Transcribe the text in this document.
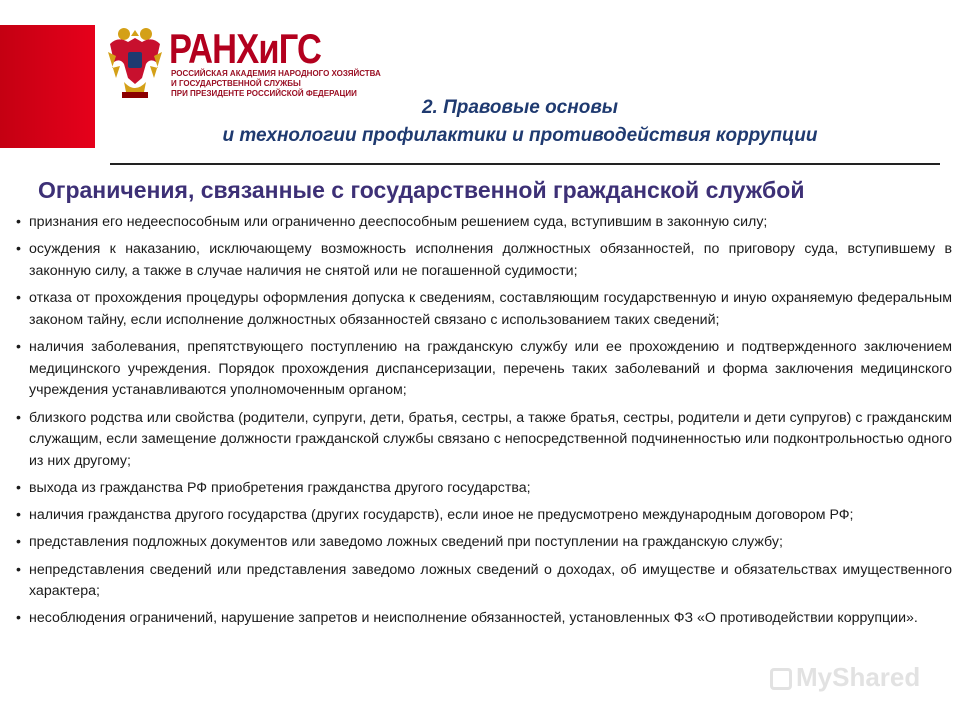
РАНХиГС
РОССИЙСКАЯ АКАДЕМИЯ НАРОДНОГО ХОЗЯЙСТВА
И ГОСУДАРСТВЕННОЙ СЛУЖБЫ
ПРИ ПРЕЗИДЕНТЕ РОССИЙСКОЙ ФЕДЕРАЦИИ
2. Правовые основы
и технологии профилактики и противодействия коррупции
Ограничения, связанные с государственной гражданской службой
• признания его недееспособным или ограниченно дееспособным решением суда, вступившим в законную силу;
• осуждения к наказанию, исключающему возможность исполнения должностных обязанностей, по приговору суда, вступившему в законную силу, а также в случае наличия не снятой или не погашенной судимости;
• отказа от прохождения процедуры оформления допуска к сведениям, составляющим государственную и иную охраняемую федеральным законом тайну, если исполнение должностных обязанностей связано с использованием таких сведений;
• наличия заболевания, препятствующего поступлению на гражданскую службу или ее прохождению и подтвержденного заключением медицинского учреждения. Порядок прохождения диспансеризации, перечень таких заболеваний и форма заключения медицинского учреждения устанавливаются уполномоченным органом;
• близкого родства или свойства (родители, супруги, дети, братья, сестры, а также братья, сестры, родители и дети супругов) с гражданским служащим, если замещение должности гражданской службы связано с непосредственной подчиненностью или подконтрольностью одного из них другому;
• выхода из гражданства РФ приобретения гражданства другого государства;
• наличия гражданства другого государства (других государств), если иное не предусмотрено международным договором РФ;
• представления подложных документов или заведомо ложных сведений при поступлении на гражданскую службу;
• непредставления сведений или представления заведомо ложных сведений о доходах, об имуществе и обязательствах имущественного характера;
• несоблюдения ограничений, нарушение запретов и неисполнение обязанностей, установленных ФЗ «О противодействии коррупции».
MyShared
